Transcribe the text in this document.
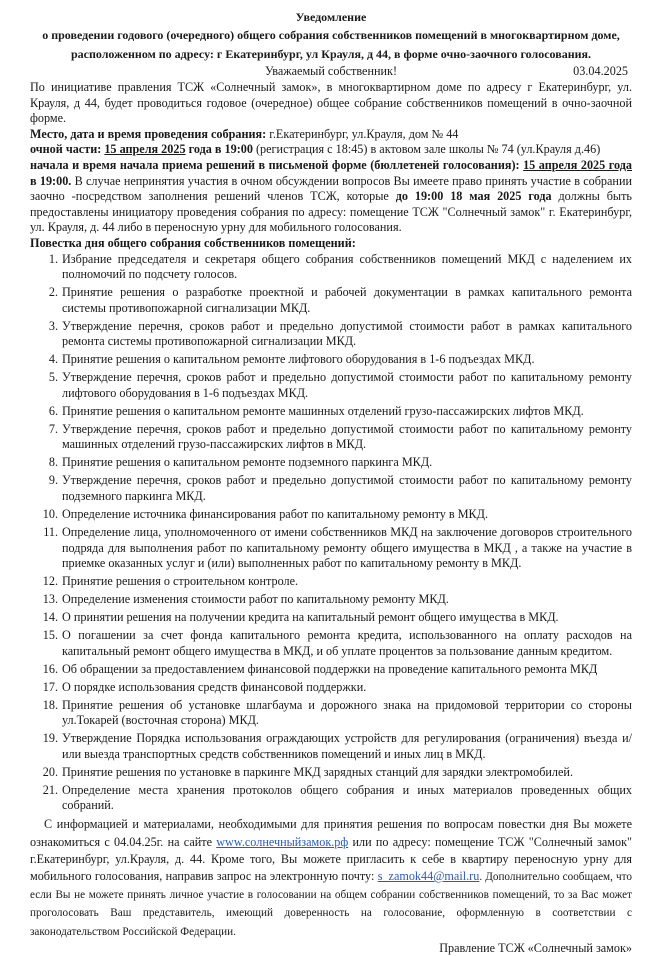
Уведомление
о проведении годового (очередного) общего собрания собственников помещений в многоквартирном доме,
расположенном по адресу: г Екатеринбург, ул Крауля, д 44, в форме очно-заочного голосования.
Уважаемый собственник!	03.04.2025

По инициативе правления ТСЖ «Солнечный замок», в многоквартирном доме по адресу г Екатеринбург, ул. Крауля, д 44, будет проводиться годовое (очередное) общее собрание собственников помещений в очно-заочной форме.

Место, дата и время проведения собрания: г.Екатеринбург, ул.Крауля, дом № 44

очной части: 15 апреля 2025 года в 19:00 (регистрация с 18:45) в актовом зале школы № 74 (ул.Крауля д.46)

начала и время начала приема решений в письменой форме (бюллетеней голосования): 15 апреля 2025 года в 19:00. В случае непринятия участия в очном обсуждении вопросов Вы имеете право принять участие в собрании заочно -посредством заполнения решений членов ТСЖ, которые до 19:00 18 мая 2025 года должны быть предоставлены инициатору проведения собрания по адресу: помещение ТСЖ "Солнечный замок" г. Екатеринбург, ул. Крауля, д. 44 либо в переносную урну для мобильного голосования.

Повестка дня общего собрания собственников помещений:

1. Избрание председателя и секретаря общего собрания собственников помещений МКД с наделением их полномочий по подсчету голосов.
2. Принятие решения о разработке проектной и рабочей документации в рамках капитального ремонта системы противопожарной сигнализации МКД.
3. Утверждение перечня, сроков работ и предельно допустимой стоимости работ в рамках капитального ремонта системы противопожарной сигнализации МКД.
4. Принятие решения о капитальном ремонте лифтового оборудования в 1-6 подъездах МКД.
5. Утверждение перечня, сроков работ и предельно допустимой стоимости работ по капитальному ремонту лифтового оборудования в 1-6 подъездах МКД.
6. Принятие решения о капитальном ремонте машинных отделений грузо-пассажирских лифтов МКД.
7. Утверждение перечня, сроков работ и предельно допустимой стоимости работ по капитальному ремонту машинных отделений грузо-пассажирских лифтов в МКД.
8. Принятие решения о капитальном ремонте подземного паркинга МКД.
9. Утверждение перечня, сроков работ и предельно допустимой стоимости работ по капитальному ремонту подземного паркинга МКД.
10. Определение источника финансирования работ по капитальному ремонту в МКД.
11. Определение лица, уполномоченного от имени собственников МКД на заключение договоров строительного подряда для выполнения работ по капитальному ремонту общего имущества в МКД , а также на участие в приемке оказанных услуг и (или) выполненных работ по капитальному ремонту в МКД.
12. Принятие решения о строительном контроле.
13. Определение изменения стоимости работ по капитальному ремонту МКД.
14. О принятии решения на получении кредита на капитальный ремонт общего имущества в МКД.
15. О погашении за счет фонда капитального ремонта кредита, использованного на оплату расходов на капитальный ремонт общего имущества в МКД, и об уплате процентов за пользование данным кредитом.
16. Об обращении за предоставлением финансовой поддержки на проведение капитального ремонта МКД
17. О порядке использования средств финансовой поддержки.
18. Принятие решения об установке шлагбаума и дорожного знака на придомовой территории со стороны ул.Токарей (восточная сторона) МКД.
19. Утверждение Порядка использования ограждающих устройств для регулирования (ограничения) въезда и/или выезда транспортных средств собственников помещений и иных лиц в МКД.
20. Принятие решения по установке в паркинге МКД зарядных станций для зарядки электромобилей.
21. Определение места хранения протоколов общего собрания и иных материалов проведенных общих собраний.

С информацией и материалами, необходимыми для принятия решения по вопросам повестки дня Вы можете ознакомиться с 04.04.25г. на сайте www.солнечныйзамок.рф или по адресу: помещение ТСЖ "Солнечный замок" г.Екатеринбург, ул.Крауля, д. 44. Кроме того, Вы можете пригласить к себе в квартиру переносную урну для мобильного голосования, направив запрос на электронную почту: s_zamok44@mail.ru. Дополнительно сообщаем, что если Вы не можете принять личное участие в голосовании на общем собрании собственников помещений, то за Вас может проголосовать Ваш представитель, имеющий доверенность на голосование, оформленную в соответствии с законодательством Российской Федерации.

Правление ТСЖ «Солнечный замок»
